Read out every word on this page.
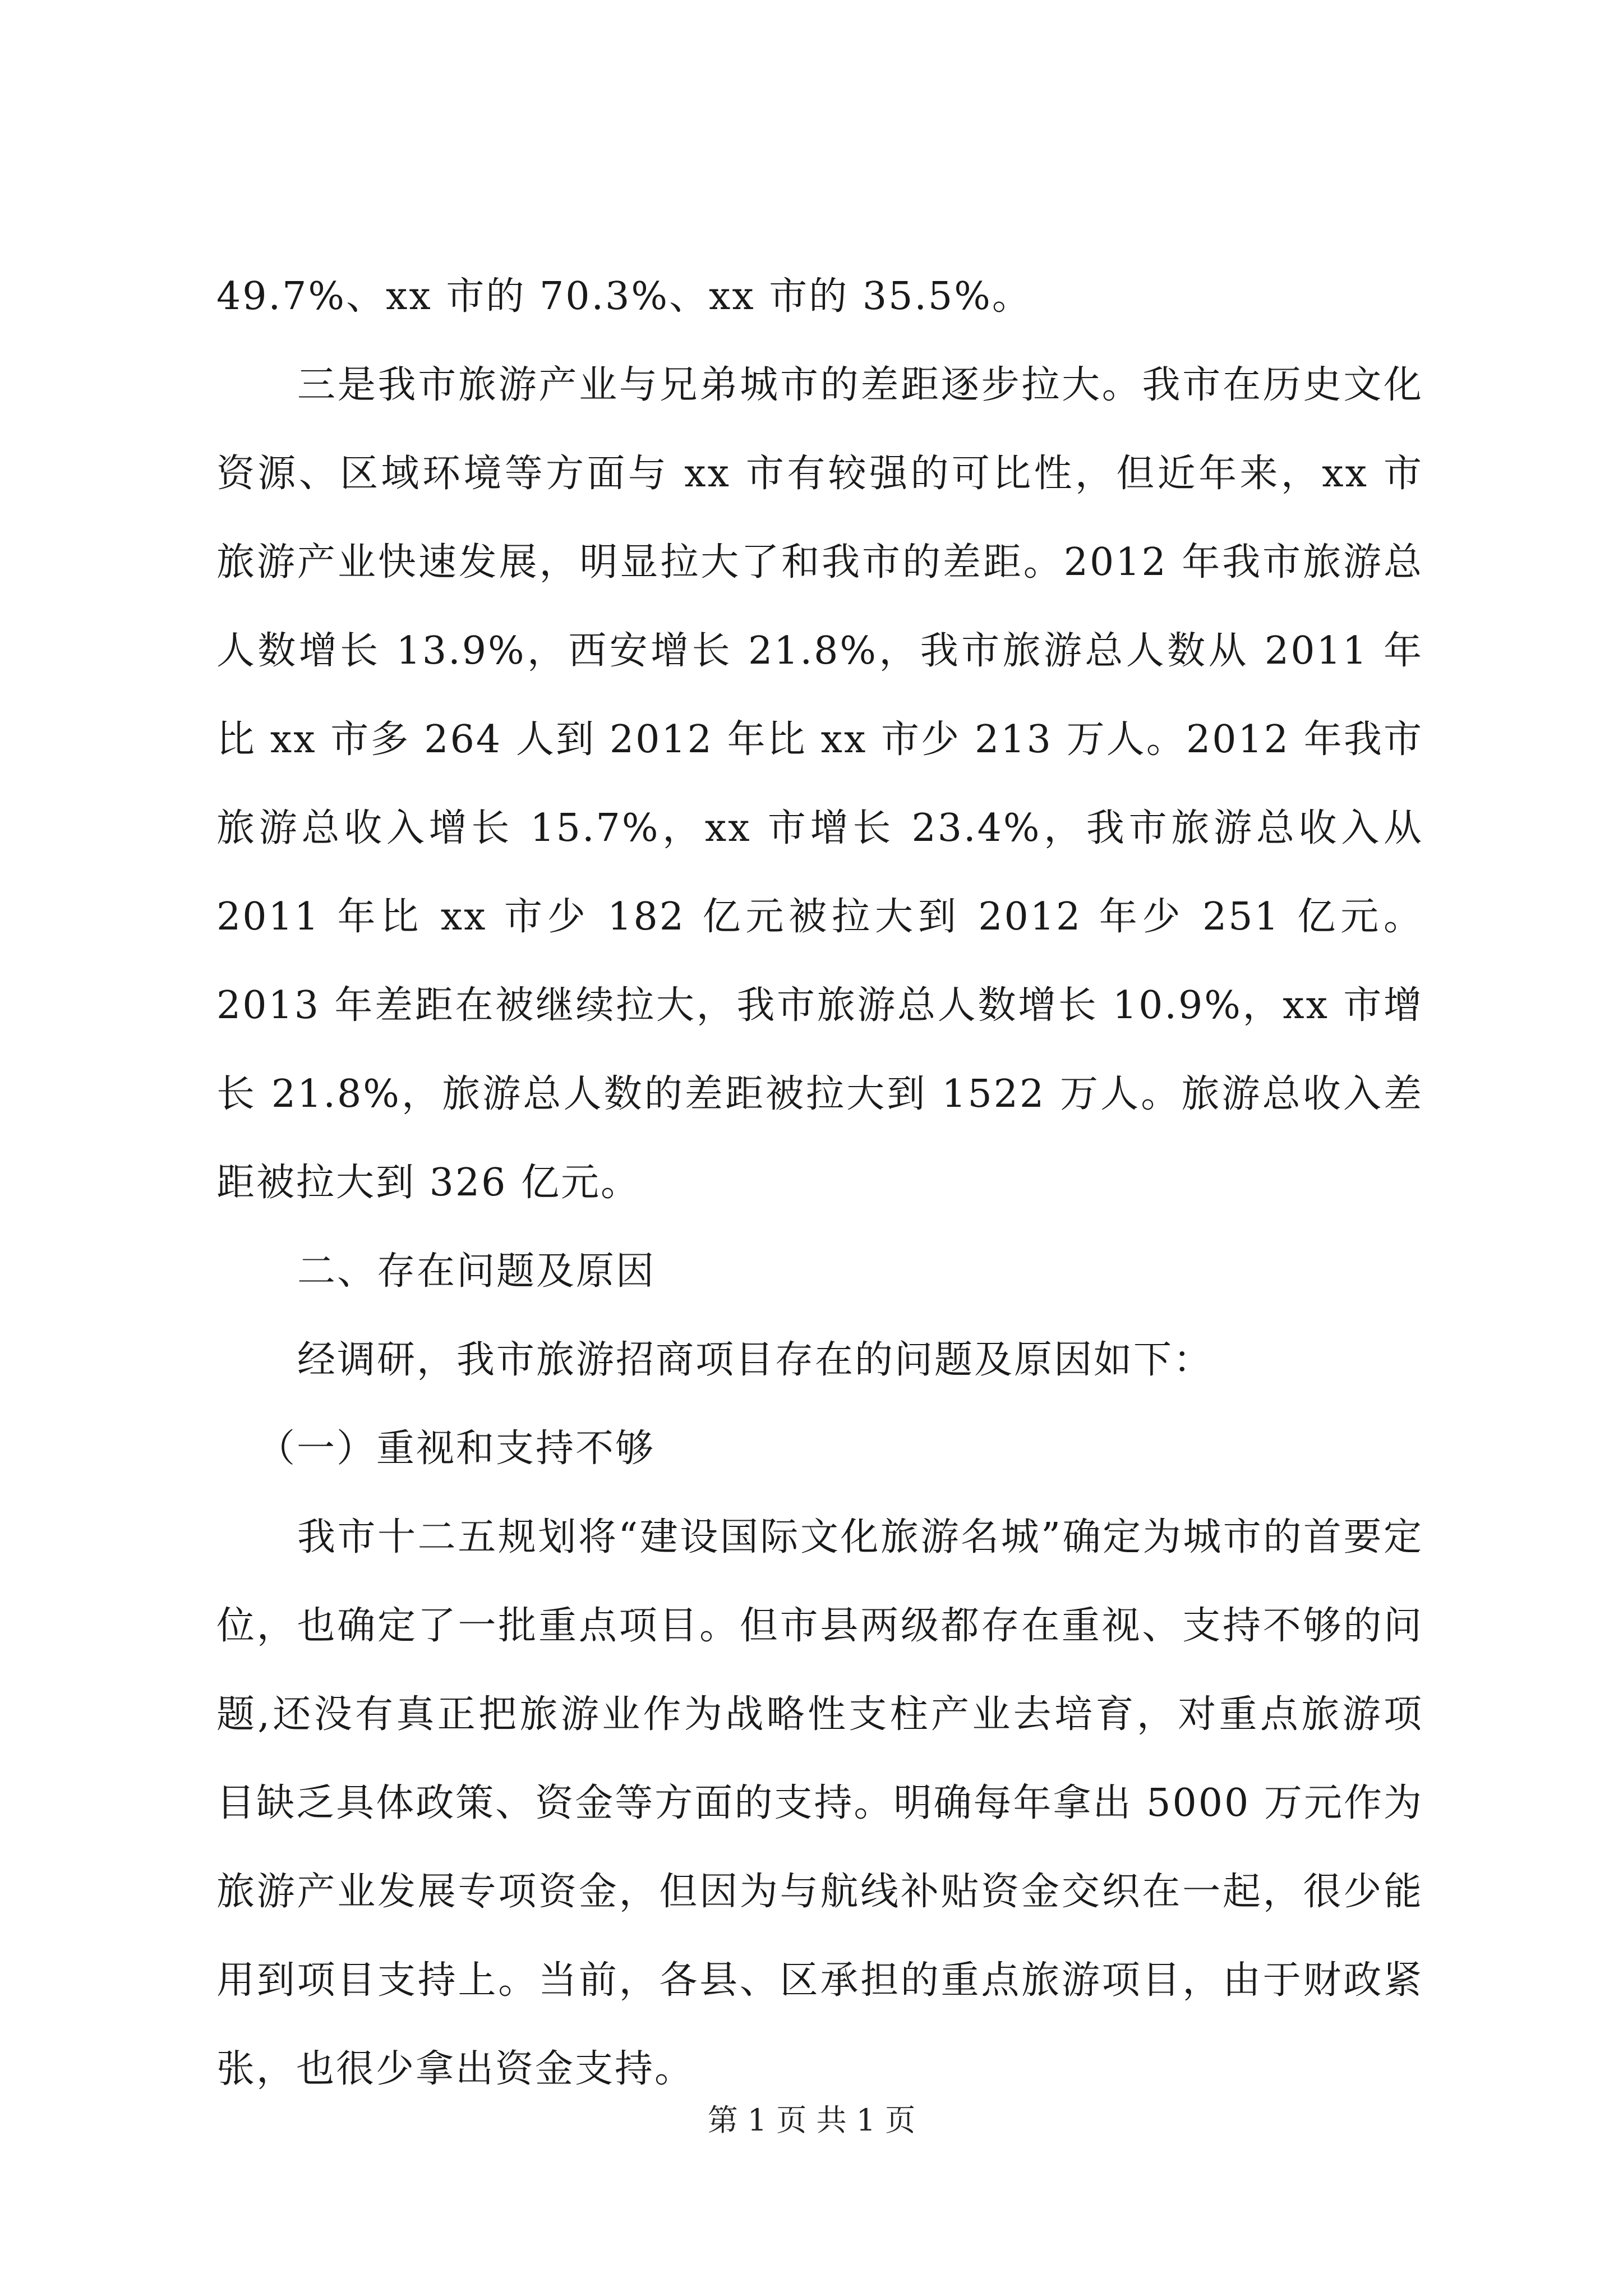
49.7%、xx 市的 70.3%、xx 市的 35.5%。

三是我市旅游产业与兄弟城市的差距逐步拉大。我市在历史文化资源、区域环境等方面与 xx 市有较强的可比性，但近年来，xx 市旅游产业快速发展，明显拉大了和我市的差距。2012 年我市旅游总人数增长 13.9%，西安增长 21.8%，我市旅游总人数从 2011 年比 xx 市多 264 人到 2012 年比 xx 市少 213 万人。2012 年我市旅游总收入增长 15.7%，xx 市增长 23.4%，我市旅游总收入从 2011 年比 xx 市少 182 亿元被拉大到 2012 年少 251 亿元。2013 年差距在被继续拉大，我市旅游总人数增长 10.9%，xx 市增长 21.8%，旅游总人数的差距被拉大到 1522 万人。旅游总收入差距被拉大到 326 亿元。

二、存在问题及原因

经调研，我市旅游招商项目存在的问题及原因如下：

（一）重视和支持不够

我市十二五规划将“建设国际文化旅游名城”确定为城市的首要定位，也确定了一批重点项目。但市县两级都存在重视、支持不够的问题,还没有真正把旅游业作为战略性支柱产业去培育，对重点旅游项目缺乏具体政策、资金等方面的支持。明确每年拿出 5000 万元作为旅游产业发展专项资金，但因为与航线补贴资金交织在一起，很少能用到项目支持上。当前，各县、区承担的重点旅游项目，由于财政紧张，也很少拿出资金支持。

第 1 页 共 1 页
